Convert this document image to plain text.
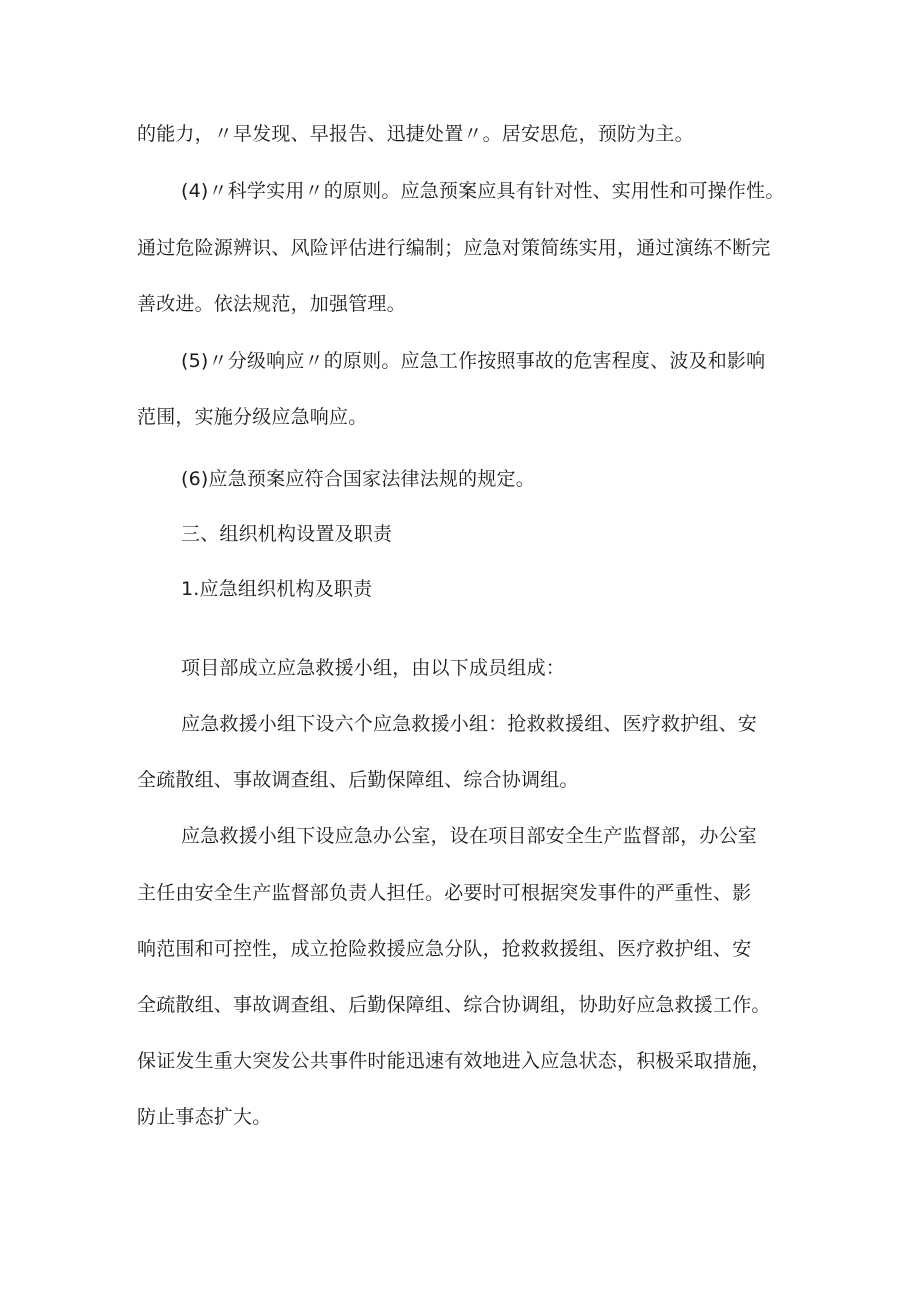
的能力，〃早发现、早报告、迅捷处置〃。居安思危，预防为主。
(4)〃科学实用〃的原则。应急预案应具有针对性、实用性和可操作性。
通过危险源辨识、风险评估进行编制；应急对策简练实用，通过演练不断完
善改进。依法规范，加强管理。
(5)〃分级响应〃的原则。应急工作按照事故的危害程度、波及和影响
范围，实施分级应急响应。
(6)应急预案应符合国家法律法规的规定。
三、组织机构设置及职责
1.应急组织机构及职责
项目部成立应急救援小组，由以下成员组成：
应急救援小组下设六个应急救援小组：抢救救援组、医疗救护组、安
全疏散组、事故调查组、后勤保障组、综合协调组。
应急救援小组下设应急办公室，设在项目部安全生产监督部，办公室
主任由安全生产监督部负责人担任。必要时可根据突发事件的严重性、影
响范围和可控性，成立抢险救援应急分队，抢救救援组、医疗救护组、安
全疏散组、事故调查组、后勤保障组、综合协调组，协助好应急救援工作。
保证发生重大突发公共事件时能迅速有效地进入应急状态，积极采取措施，
防止事态扩大。
